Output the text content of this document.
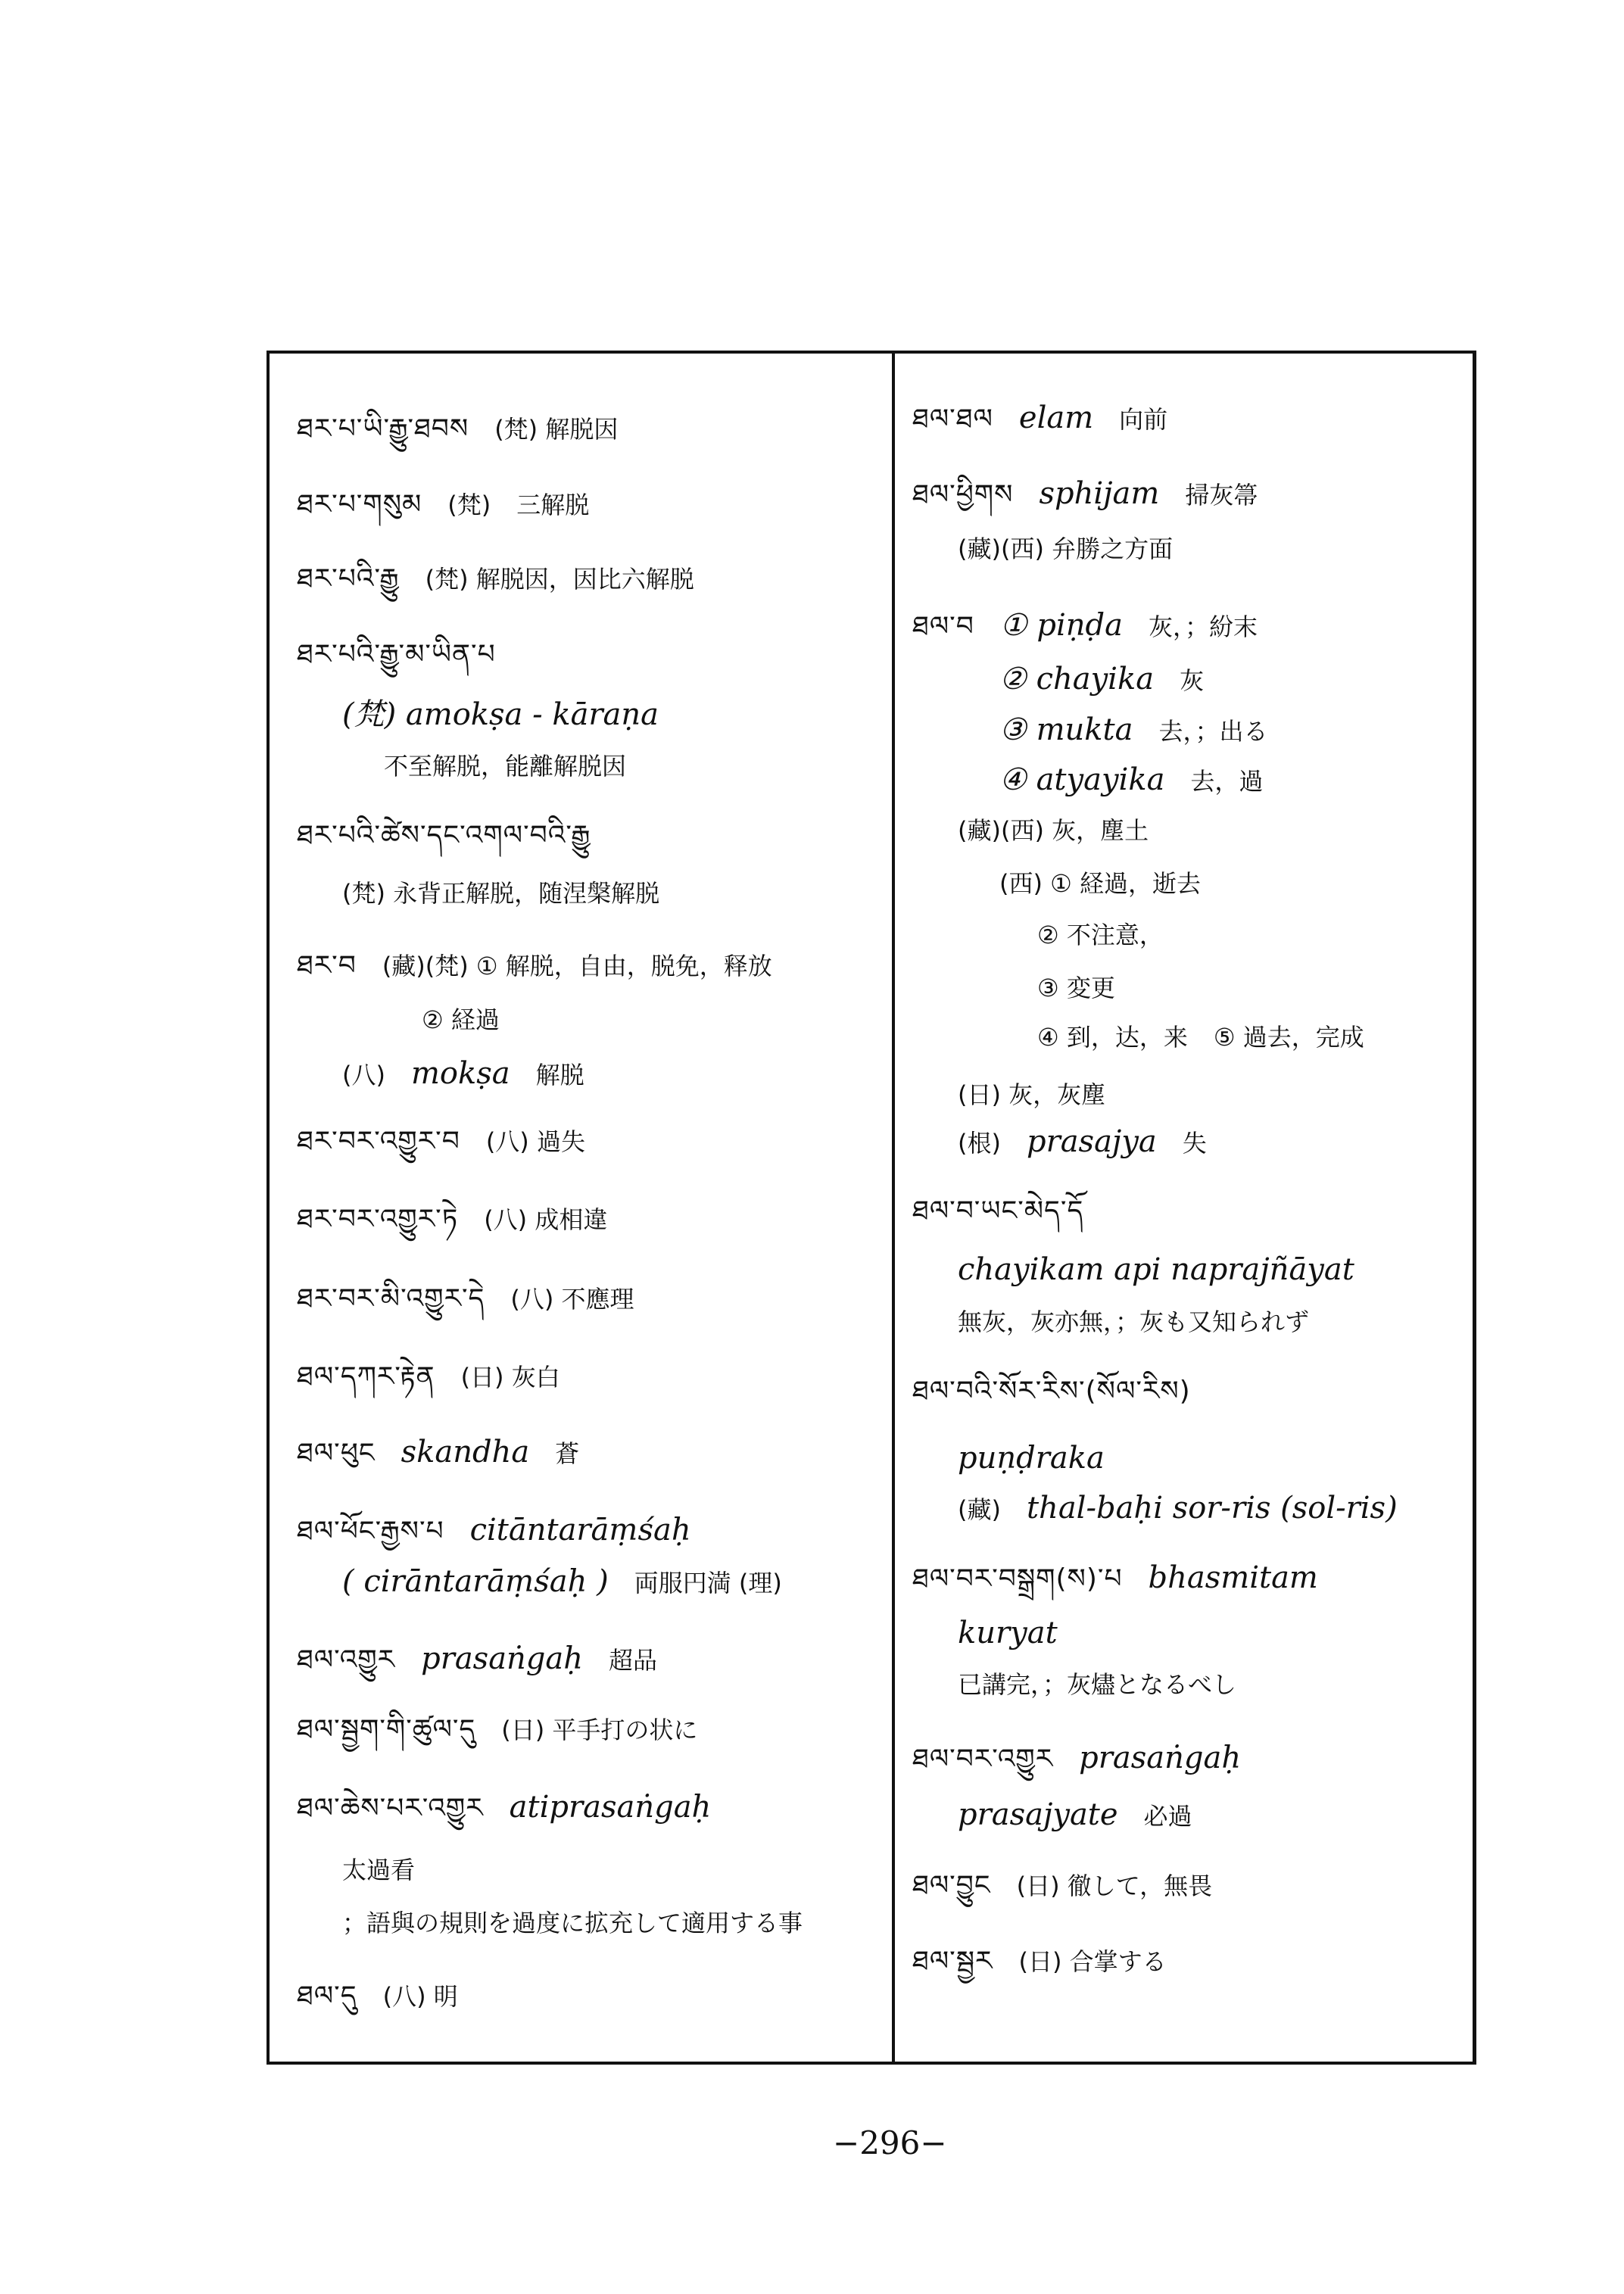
ཐར་པ་ཡི་རྒྱུ་ཐབས (梵) 解脱因
ཐར་པ་གསུམ (梵) 三解脱
ཐར་པའི་རྒྱུ (梵) 解脱因，因比六解脱
ཐར་པའི་རྒྱུ་མ་ཡིན་པ
(梵) amokṣa - kāraṇa
不至解脱，能離解脱因
ཐར་པའི་ཚེས་དང་འགལ་བའི་རྒྱུ
(梵) 永背正解脱，随涅槃解脱
ཐར་བ (藏)(梵) ① 解脱，自由，脱免，释放
② 経過
(八) mokṣa 解脱
ཐར་བར་འགྱུར་བ (八) 過失
ཐར་བར་འགྱུར་ཏེ (八) 成相違
ཐར་བར་མི་འགྱུར་དེ (八) 不應理
ཐལ་དཀར་རྟེན (日) 灰白
ཐལ་ཕུང skandha 蒼
ཐལ་ཕོང་རྒྱས་པ citāntarāṃśaḥ
( cirāntarāṃśaḥ ) 両服円満 (理)
ཐལ་འགྱུར prasaṅgaḥ 超品
ཐལ་སྦྱག་གི་ཚུལ་དུ (日) 平手打の状に
ཐལ་ཆེས་པར་འགྱུར atiprasaṅgaḥ
太過看
；語與の規則を過度に拡充して適用する事
ཐལ་དུ (八) 明
ཐལ་ཐལ elam 向前
ཐལ་ཕྱིགས sphijam 掃灰箒
(藏)(西) 弁勝之方面
ཐལ་བ ① piṇḍa 灰，；紛末
② chayika 灰
③ mukta 去，；出る
④ atyayika 去，過
(藏)(西) 灰，塵土
(西) ① 経過，逝去
② 不注意，
③ 変更
④ 到，达，来 ⑤ 過去，完成
(日) 灰，灰塵
(根) prasajya 失
ཐལ་བ་ཡང་མེད་དོ
chayikam api naprajñāyat
無灰，灰亦無，；灰も又知られず
ཐལ་བའི་སོར་རིས་(སོལ་རིས)
puṇḍraka
(藏) thal-baḥi sor-ris (sol-ris)
ཐལ་བར་བསྒྲག(ས)་པ bhasmitam
kuryat
已講完，；灰燼となるべし
ཐལ་བར་འགྱུར prasaṅgaḥ
prasajyate 必過
ཐལ་བྱུང (日) 徹して，無畏
ཐལ་སྦྱར (日) 合掌する
−296−
